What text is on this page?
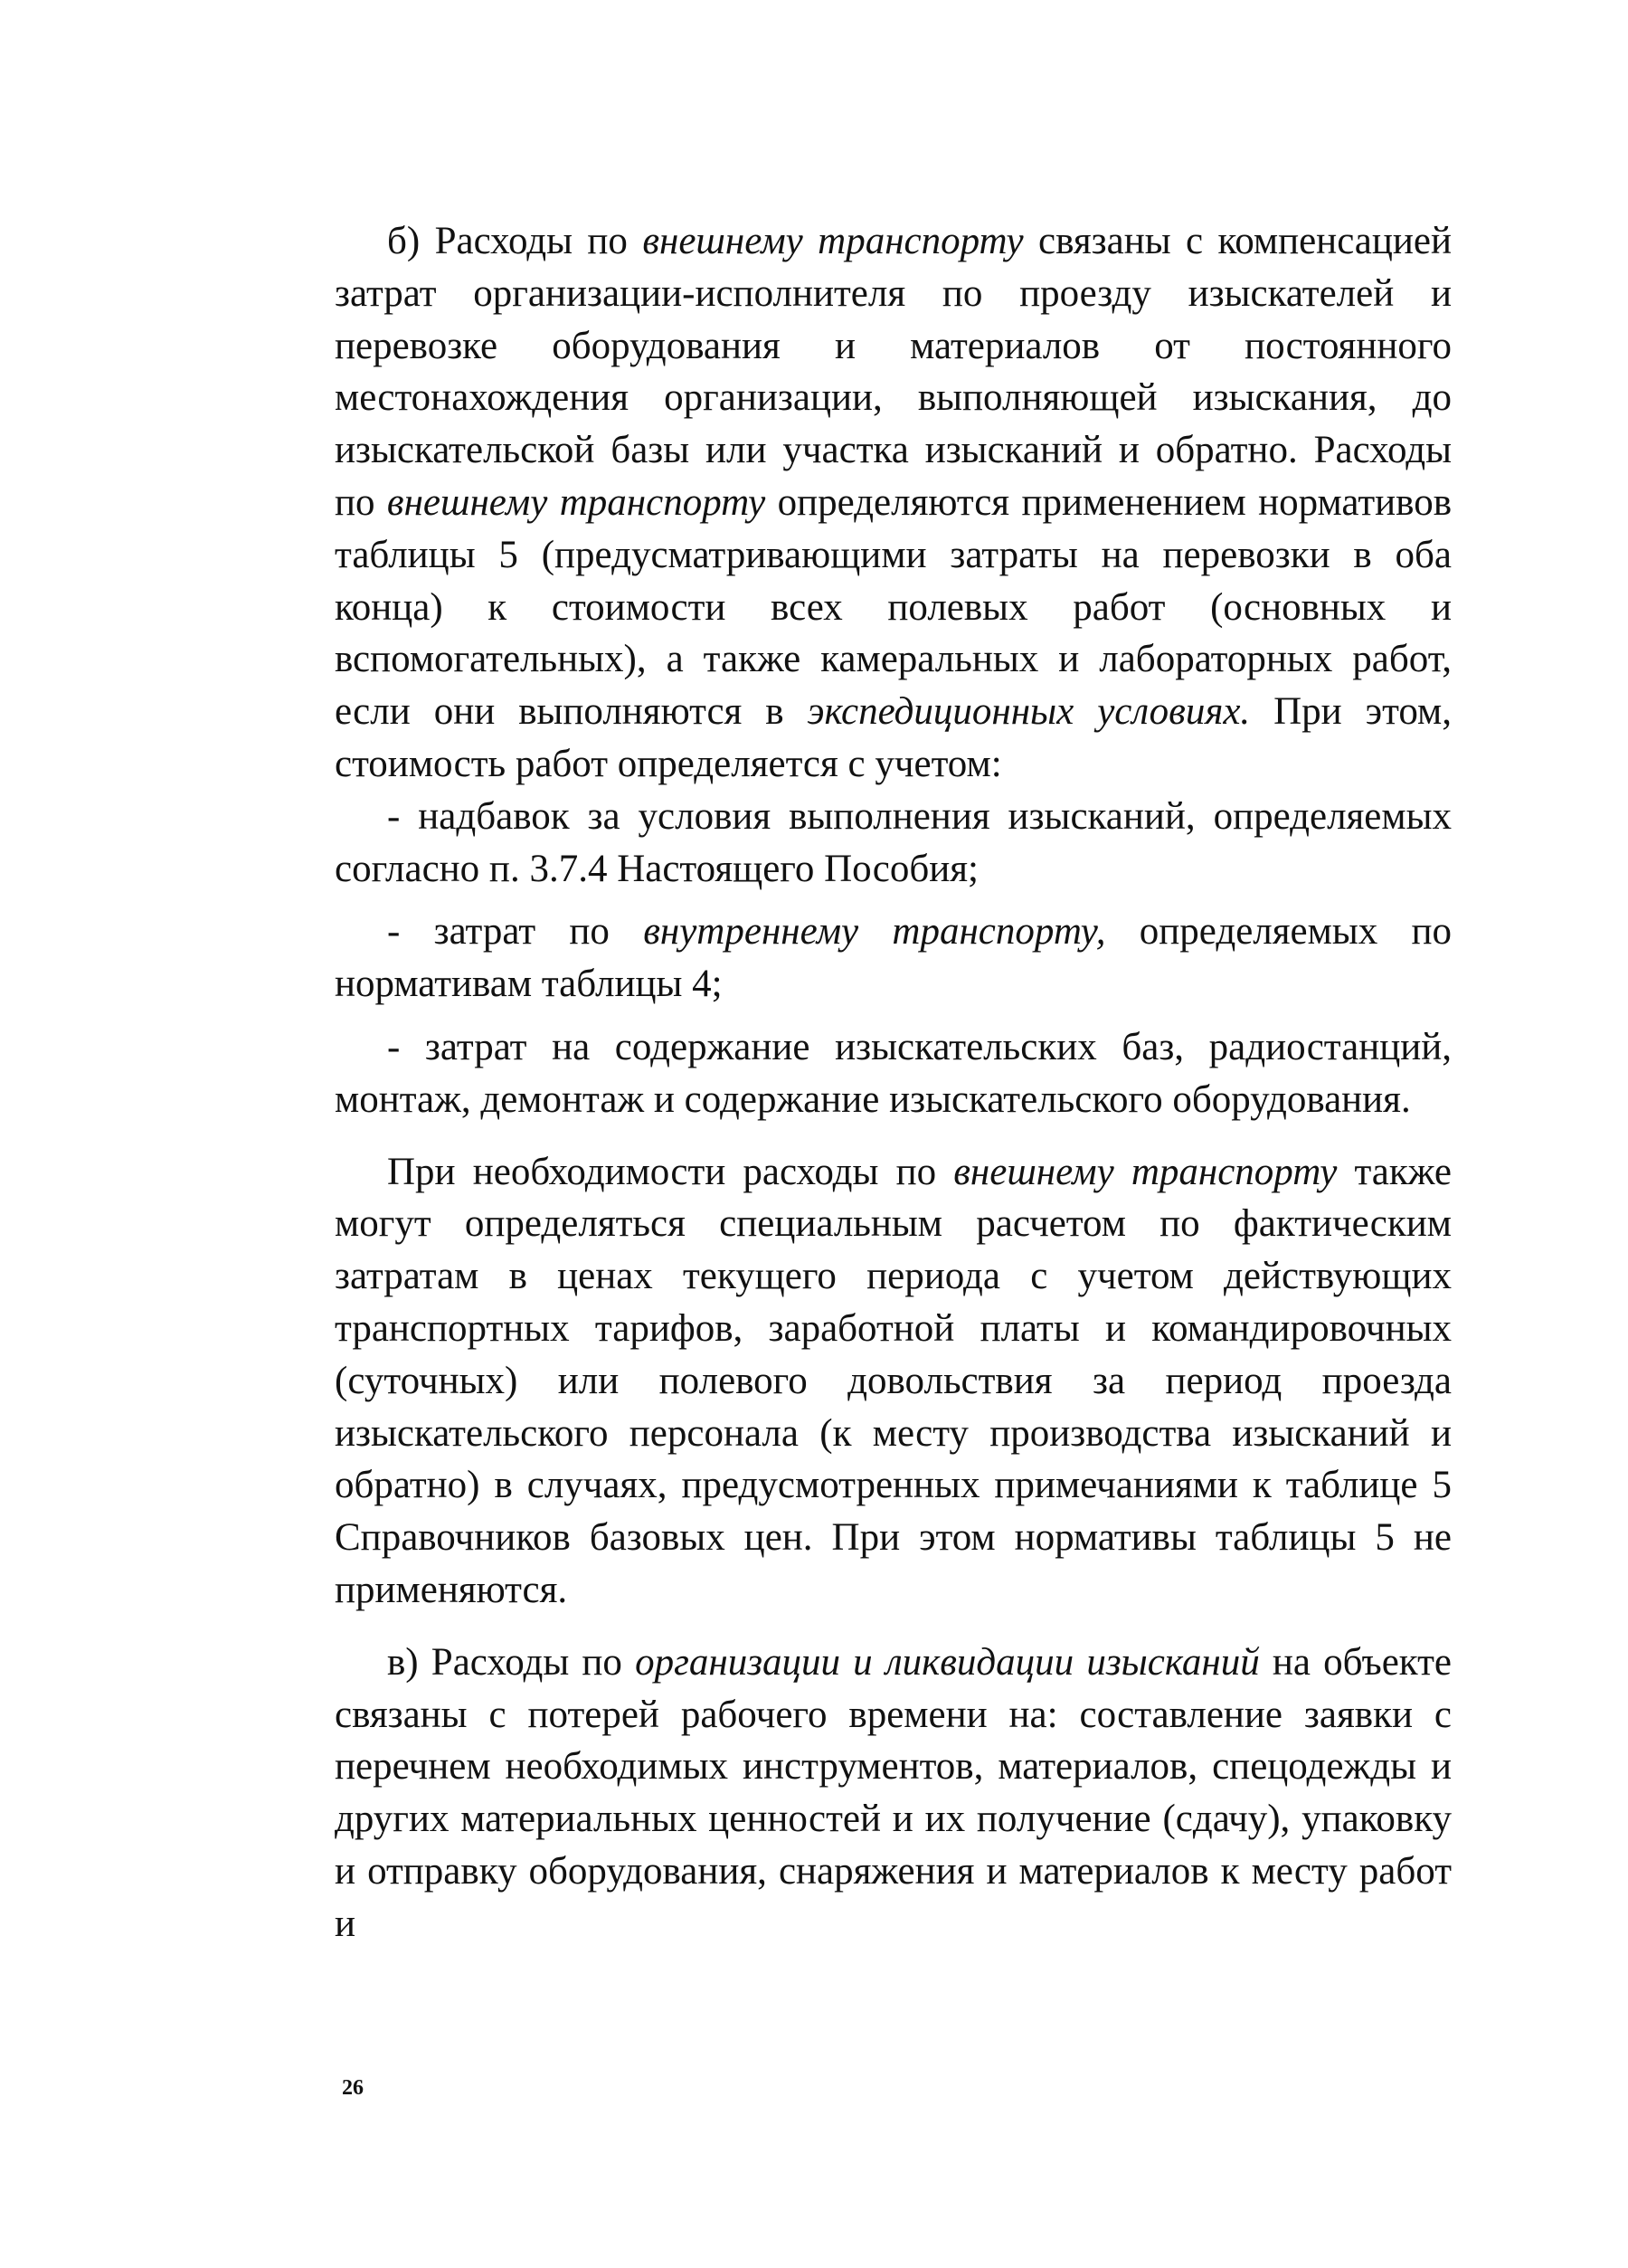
б) Расходы по внешнему транспорту связаны с компенсацией затрат организации-исполнителя по проезду изыскателей и перевозке оборудования и материалов от постоянного местонахождения организации, выполняющей изыскания, до изыскательской базы или участка изысканий и обратно. Расходы по внешнему транспорту определяются применением нормативов таблицы 5 (предусматривающими затраты на перевозки в оба конца) к стоимости всех полевых работ (основных и вспомогательных), а также камеральных и лабораторных работ, если они выполняются в экспедиционных условиях. При этом, стоимость работ определяется с учетом:

- надбавок за условия выполнения изысканий, определяемых согласно п. 3.7.4 Настоящего Пособия;

- затрат по внутреннему транспорту, определяемых по нормативам таблицы 4;

- затрат на содержание изыскательских баз, радиостанций, монтаж, демонтаж и содержание изыскательского оборудования.

При необходимости расходы по внешнему транспорту также могут определяться специальным расчетом по фактическим затратам в ценах текущего периода с учетом действующих транспортных тарифов, заработной платы и командировочных (суточных) или полевого довольствия за период проезда изыскательского персонала (к месту производства изысканий и обратно) в случаях, предусмотренных примечаниями к таблице 5 Справочников базовых цен. При этом нормативы таблицы 5 не применяются.

в) Расходы по организации и ликвидации изысканий на объекте связаны с потерей рабочего времени на: составление заявки с перечнем необходимых инструментов, материалов, спецодежды и других материальных ценностей и их получение (сдачу), упаковку и отправку оборудования, снаряжения и материалов к месту работ и

26
